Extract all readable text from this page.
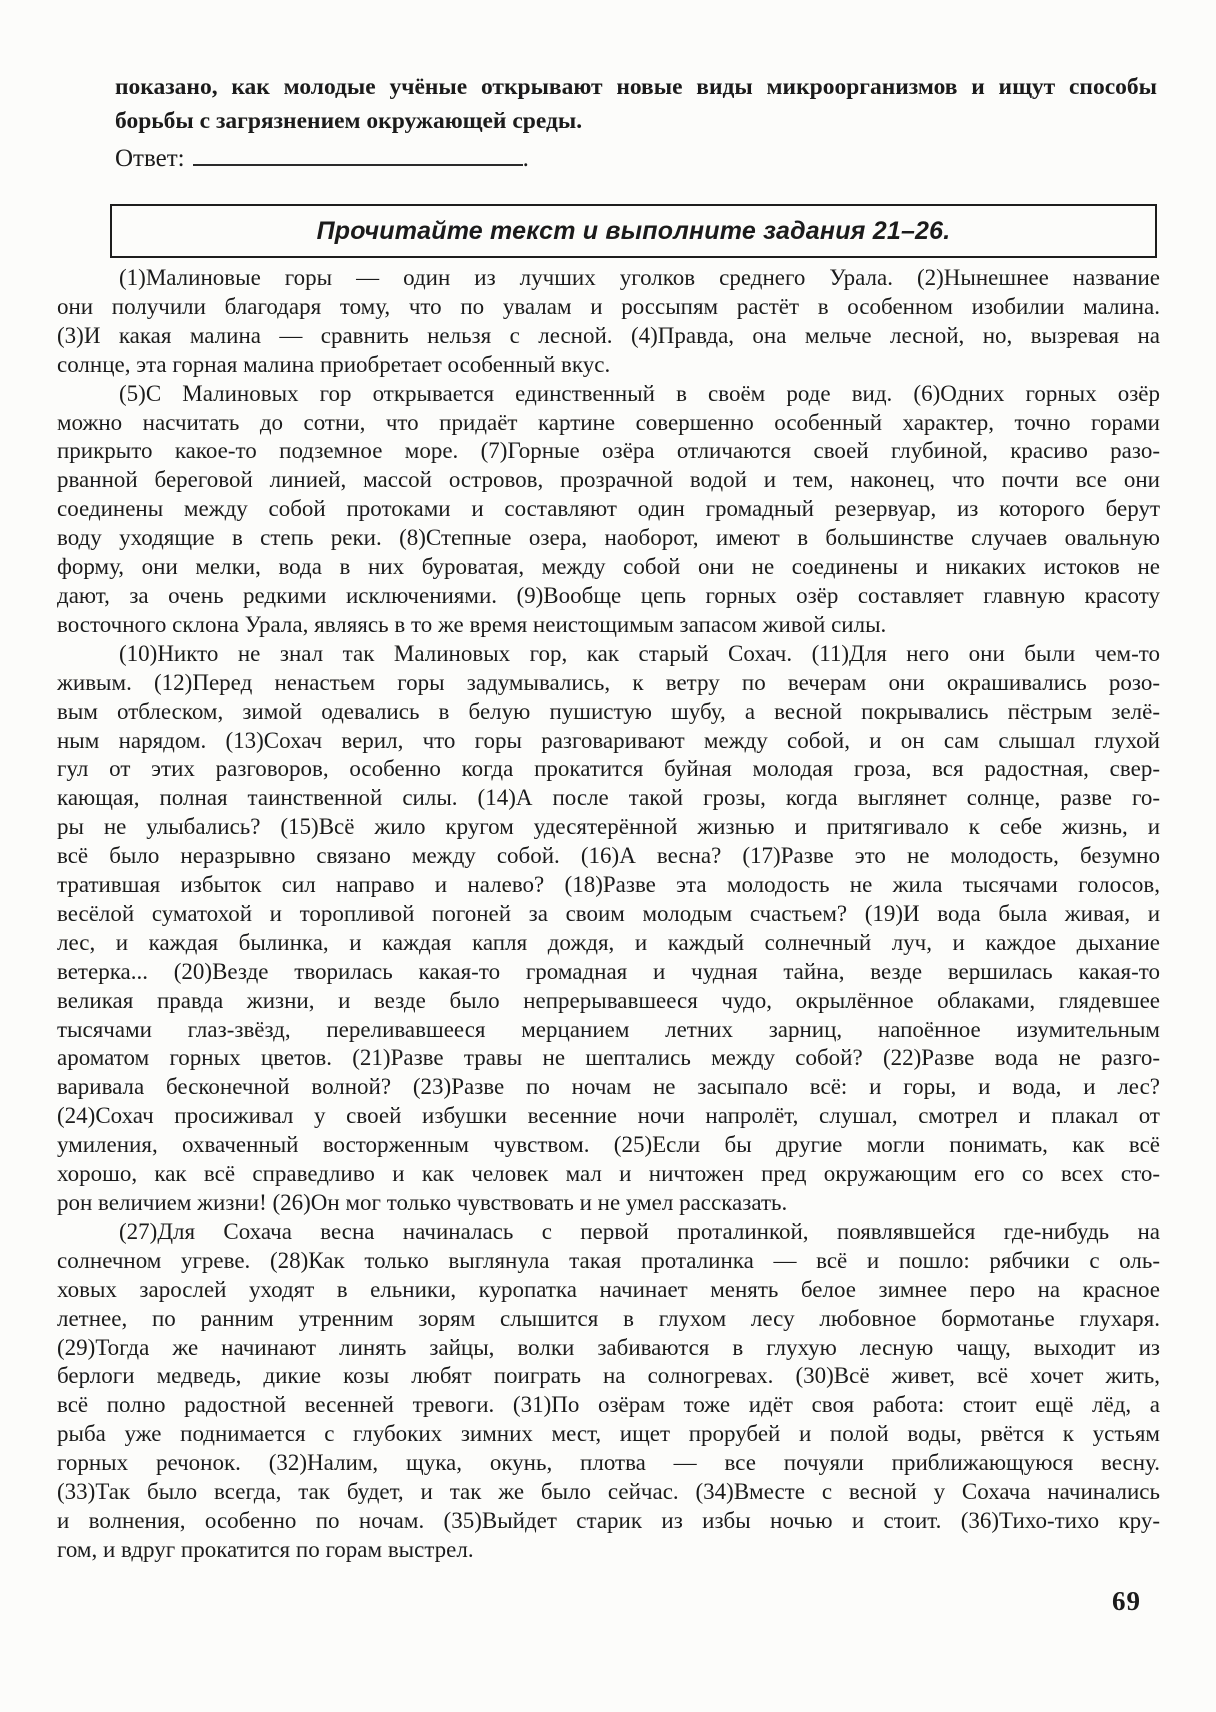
показано, как молодые учёные открывают новые виды микроорганизмов и ищут способы
борьбы с загрязнением окружающей среды.
Ответ:	.
Прочитайте текст и выполните задания 21–26.
(1)Малиновые горы — один из лучших уголков среднего Урала. (2)Нынешнее название
они получили благодаря тому, что по увалам и россыпям растёт в особенном изобилии малина.
(3)И какая малина — сравнить нельзя с лесной. (4)Правда, она мельче лесной, но, вызревая на
солнце, эта горная малина приобретает особенный вкус.
(5)С Малиновых гор открывается единственный в своём роде вид. (6)Одних горных озёр
можно насчитать до сотни, что придаёт картине совершенно особенный характер, точно горами
прикрыто какое-то подземное море. (7)Горные озёра отличаются своей глубиной, красиво разо-
рванной береговой линией, массой островов, прозрачной водой и тем, наконец, что почти все они
соединены между собой протоками и составляют один громадный резервуар, из которого берут
воду уходящие в степь реки. (8)Степные озера, наоборот, имеют в большинстве случаев овальную
форму, они мелки, вода в них буроватая, между собой они не соединены и никаких истоков не
дают, за очень редкими исключениями. (9)Вообще цепь горных озёр составляет главную красоту
восточного склона Урала, являясь в то же время неистощимым запасом живой силы.
(10)Никто не знал так Малиновых гор, как старый Сохач. (11)Для него они были чем-то
живым. (12)Перед ненастьем горы задумывались, к ветру по вечерам они окрашивались розо-
вым отблеском, зимой одевались в белую пушистую шубу, а весной покрывались пёстрым зелё-
ным нарядом. (13)Сохач верил, что горы разговаривают между собой, и он сам слышал глухой
гул от этих разговоров, особенно когда прокатится буйная молодая гроза, вся радостная, свер-
кающая, полная таинственной силы. (14)А после такой грозы, когда выглянет солнце, разве го-
ры не улыбались? (15)Всё жило кругом удесятерённой жизнью и притягивало к себе жизнь, и
всё было неразрывно связано между собой. (16)А весна? (17)Разве это не молодость, безумно
тратившая избыток сил направо и налево? (18)Разве эта молодость не жила тысячами голосов,
весёлой суматохой и торопливой погоней за своим молодым счастьем? (19)И вода была живая, и
лес, и каждая былинка, и каждая капля дождя, и каждый солнечный луч, и каждое дыхание
ветерка... (20)Везде творилась какая-то громадная и чудная тайна, везде вершилась какая-то
великая правда жизни, и везде было непрерывавшееся чудо, окрылённое облаками, глядевшее
тысячами глаз-звёзд, переливавшееся мерцанием летних зарниц, напоённое изумительным
ароматом горных цветов. (21)Разве травы не шептались между собой? (22)Разве вода не разго-
варивала бесконечной волной? (23)Разве по ночам не засыпало всё: и горы, и вода, и лес?
(24)Сохач просиживал у своей избушки весенние ночи напролёт, слушал, смотрел и плакал от
умиления, охваченный восторженным чувством. (25)Если бы другие могли понимать, как всё
хорошо, как всё справедливо и как человек мал и ничтожен пред окружающим его со всех сто-
рон величием жизни! (26)Он мог только чувствовать и не умел рассказать.
(27)Для Сохача весна начиналась с первой проталинкой, появлявшейся где-нибудь на
солнечном угреве. (28)Как только выглянула такая проталинка — всё и пошло: рябчики с оль-
ховых зарослей уходят в ельники, куропатка начинает менять белое зимнее перо на красное
летнее, по ранним утренним зорям слышится в глухом лесу любовное бормотанье глухаря.
(29)Тогда же начинают линять зайцы, волки забиваются в глухую лесную чащу, выходит из
берлоги медведь, дикие козы любят поиграть на солногревах. (30)Всё живет, всё хочет жить,
всё полно радостной весенней тревоги. (31)По озёрам тоже идёт своя работа: стоит ещё лёд, а
рыба уже поднимается с глубоких зимних мест, ищет прорубей и полой воды, рвётся к устьям
горных речонок. (32)Налим, щука, окунь, плотва — все почуяли приближающуюся весну.
(33)Так было всегда, так будет, и так же было сейчас. (34)Вместе с весной у Сохача начинались
и волнения, особенно по ночам. (35)Выйдет старик из избы ночью и стоит. (36)Тихо-тихо кру-
гом, и вдруг прокатится по горам выстрел.
69
